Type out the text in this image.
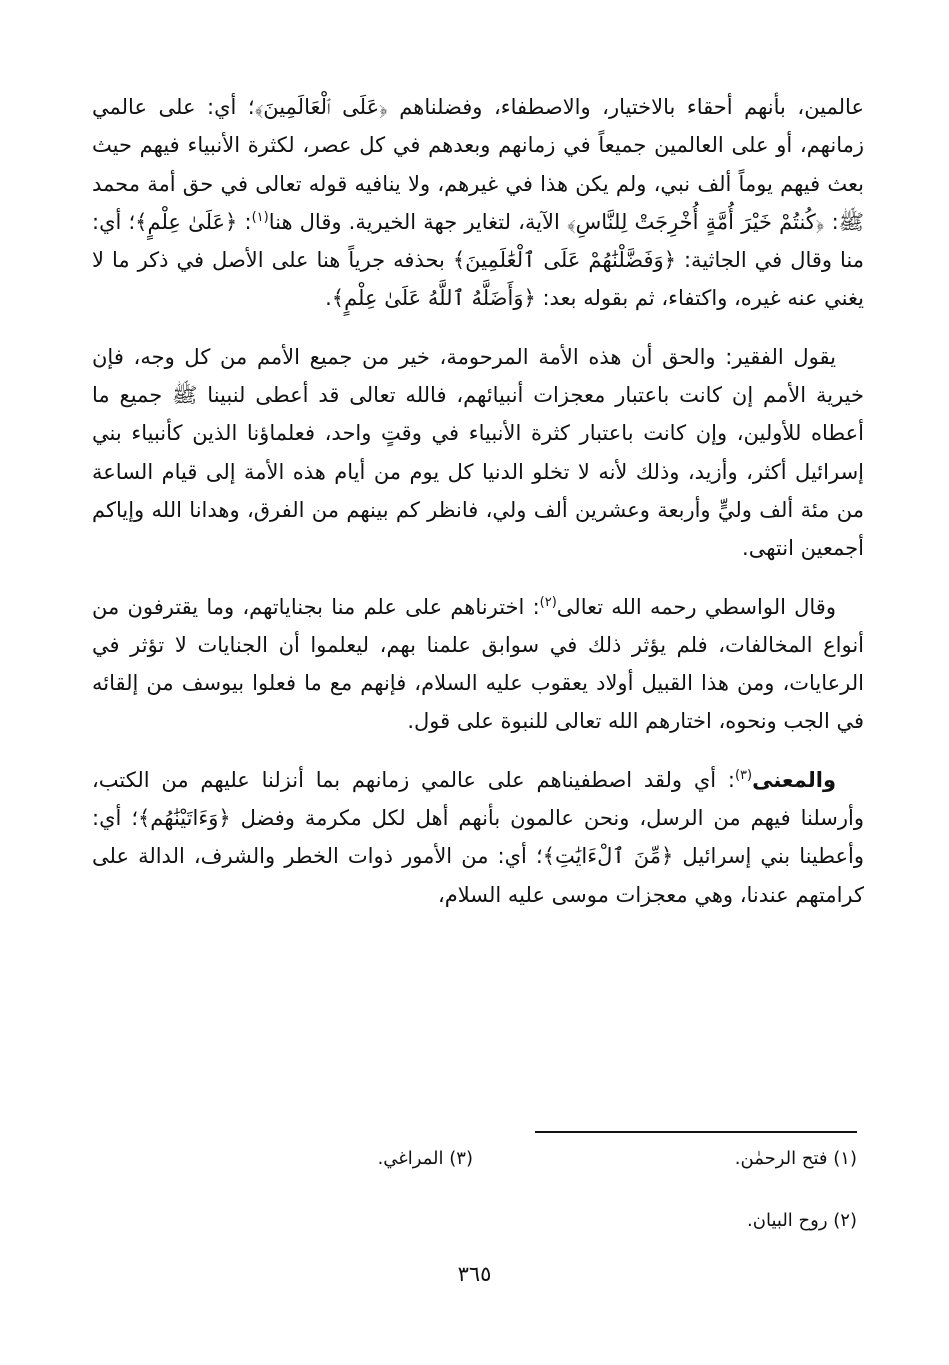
عالمين، بأنهم أحقاء بالاختيار، والاصطفاء، وفضلناهم ﴿عَلَى ٱلْعَالَمِينَ﴾؛ أي: على عالمي زمانهم، أو على العالمين جميعاً في زمانهم وبعدهم في كل عصر، لكثرة الأنبياء فيهم حيث بعث فيهم يوماً ألف نبي، ولم يكن هذا في غيرهم، ولا ينافيه قوله تعالى في حق أمة محمد ﷺ: ﴿كُنتُمْ خَيْرَ أُمَّةٍ أُخْرِجَتْ لِلنَّاسِ﴾ الآية، لتغاير جهة الخيرية. وقال هنا$^{(١)}$: ﴿عَلَىٰ عِلْمٍ﴾؛ أي: منا وقال في الجاثية: ﴿وَفَضَّلْنَٰهُمْ عَلَى ٱلْعَٰلَمِينَ﴾ بحذفه جرياً هنا على الأصل في ذكر ما لا يغني عنه غيره، واكتفاء، ثم بقوله بعد: ﴿وَأَضَلَّهُ ٱللَّهُ عَلَىٰ عِلْمٍ﴾.

يقول الفقير: والحق أن هذه الأمة المرحومة، خير من جميع الأمم من كل وجه، فإن خيرية الأمم إن كانت باعتبار معجزات أنبيائهم، فالله تعالى قد أعطى لنبينا ﷺ جميع ما أعطاه للأولين، وإن كانت باعتبار كثرة الأنبياء في وقتٍ واحد، فعلماؤنا الذين كأنبياء بني إسرائيل أكثر، وأزيد، وذلك لأنه لا تخلو الدنيا كل يوم من أيام هذه الأمة إلى قيام الساعة من مئة ألف وليٍّ وأربعة وعشرين ألف ولي، فانظر كم بينهم من الفرق، وهدانا الله وإياكم أجمعين انتهى.

وقال الواسطي رحمه الله تعالى$^{(٢)}$: اخترناهم على علم منا بجناياتهم، وما يقترفون من أنواع المخالفات، فلم يؤثر ذلك في سوابق علمنا بهم، ليعلموا أن الجنايات لا تؤثر في الرعايات، ومن هذا القبيل أولاد يعقوب عليه السلام، فإنهم مع ما فعلوا بيوسف من إلقائه في الجب ونحوه، اختارهم الله تعالى للنبوة على قول.

والمعنى$^{(٣)}$: أي ولقد اصطفيناهم على عالمي زمانهم بما أنزلنا عليهم من الكتب، وأرسلنا فيهم من الرسل، ونحن عالمون بأنهم أهل لكل مكرمة وفضل ﴿وَءَاتَيْنَٰهُم﴾؛ أي: وأعطينا بني إسرائيل ﴿مِّنَ ٱلْءَايَٰتِ﴾؛ أي: من الأمور ذوات الخطر والشرف، الدالة على كرامتهم عندنا، وهي معجزات موسى عليه السلام،

(١) فتح الرحمٰن.
(٣) المراغي.
(٢) روح البيان.
٣٦٥
